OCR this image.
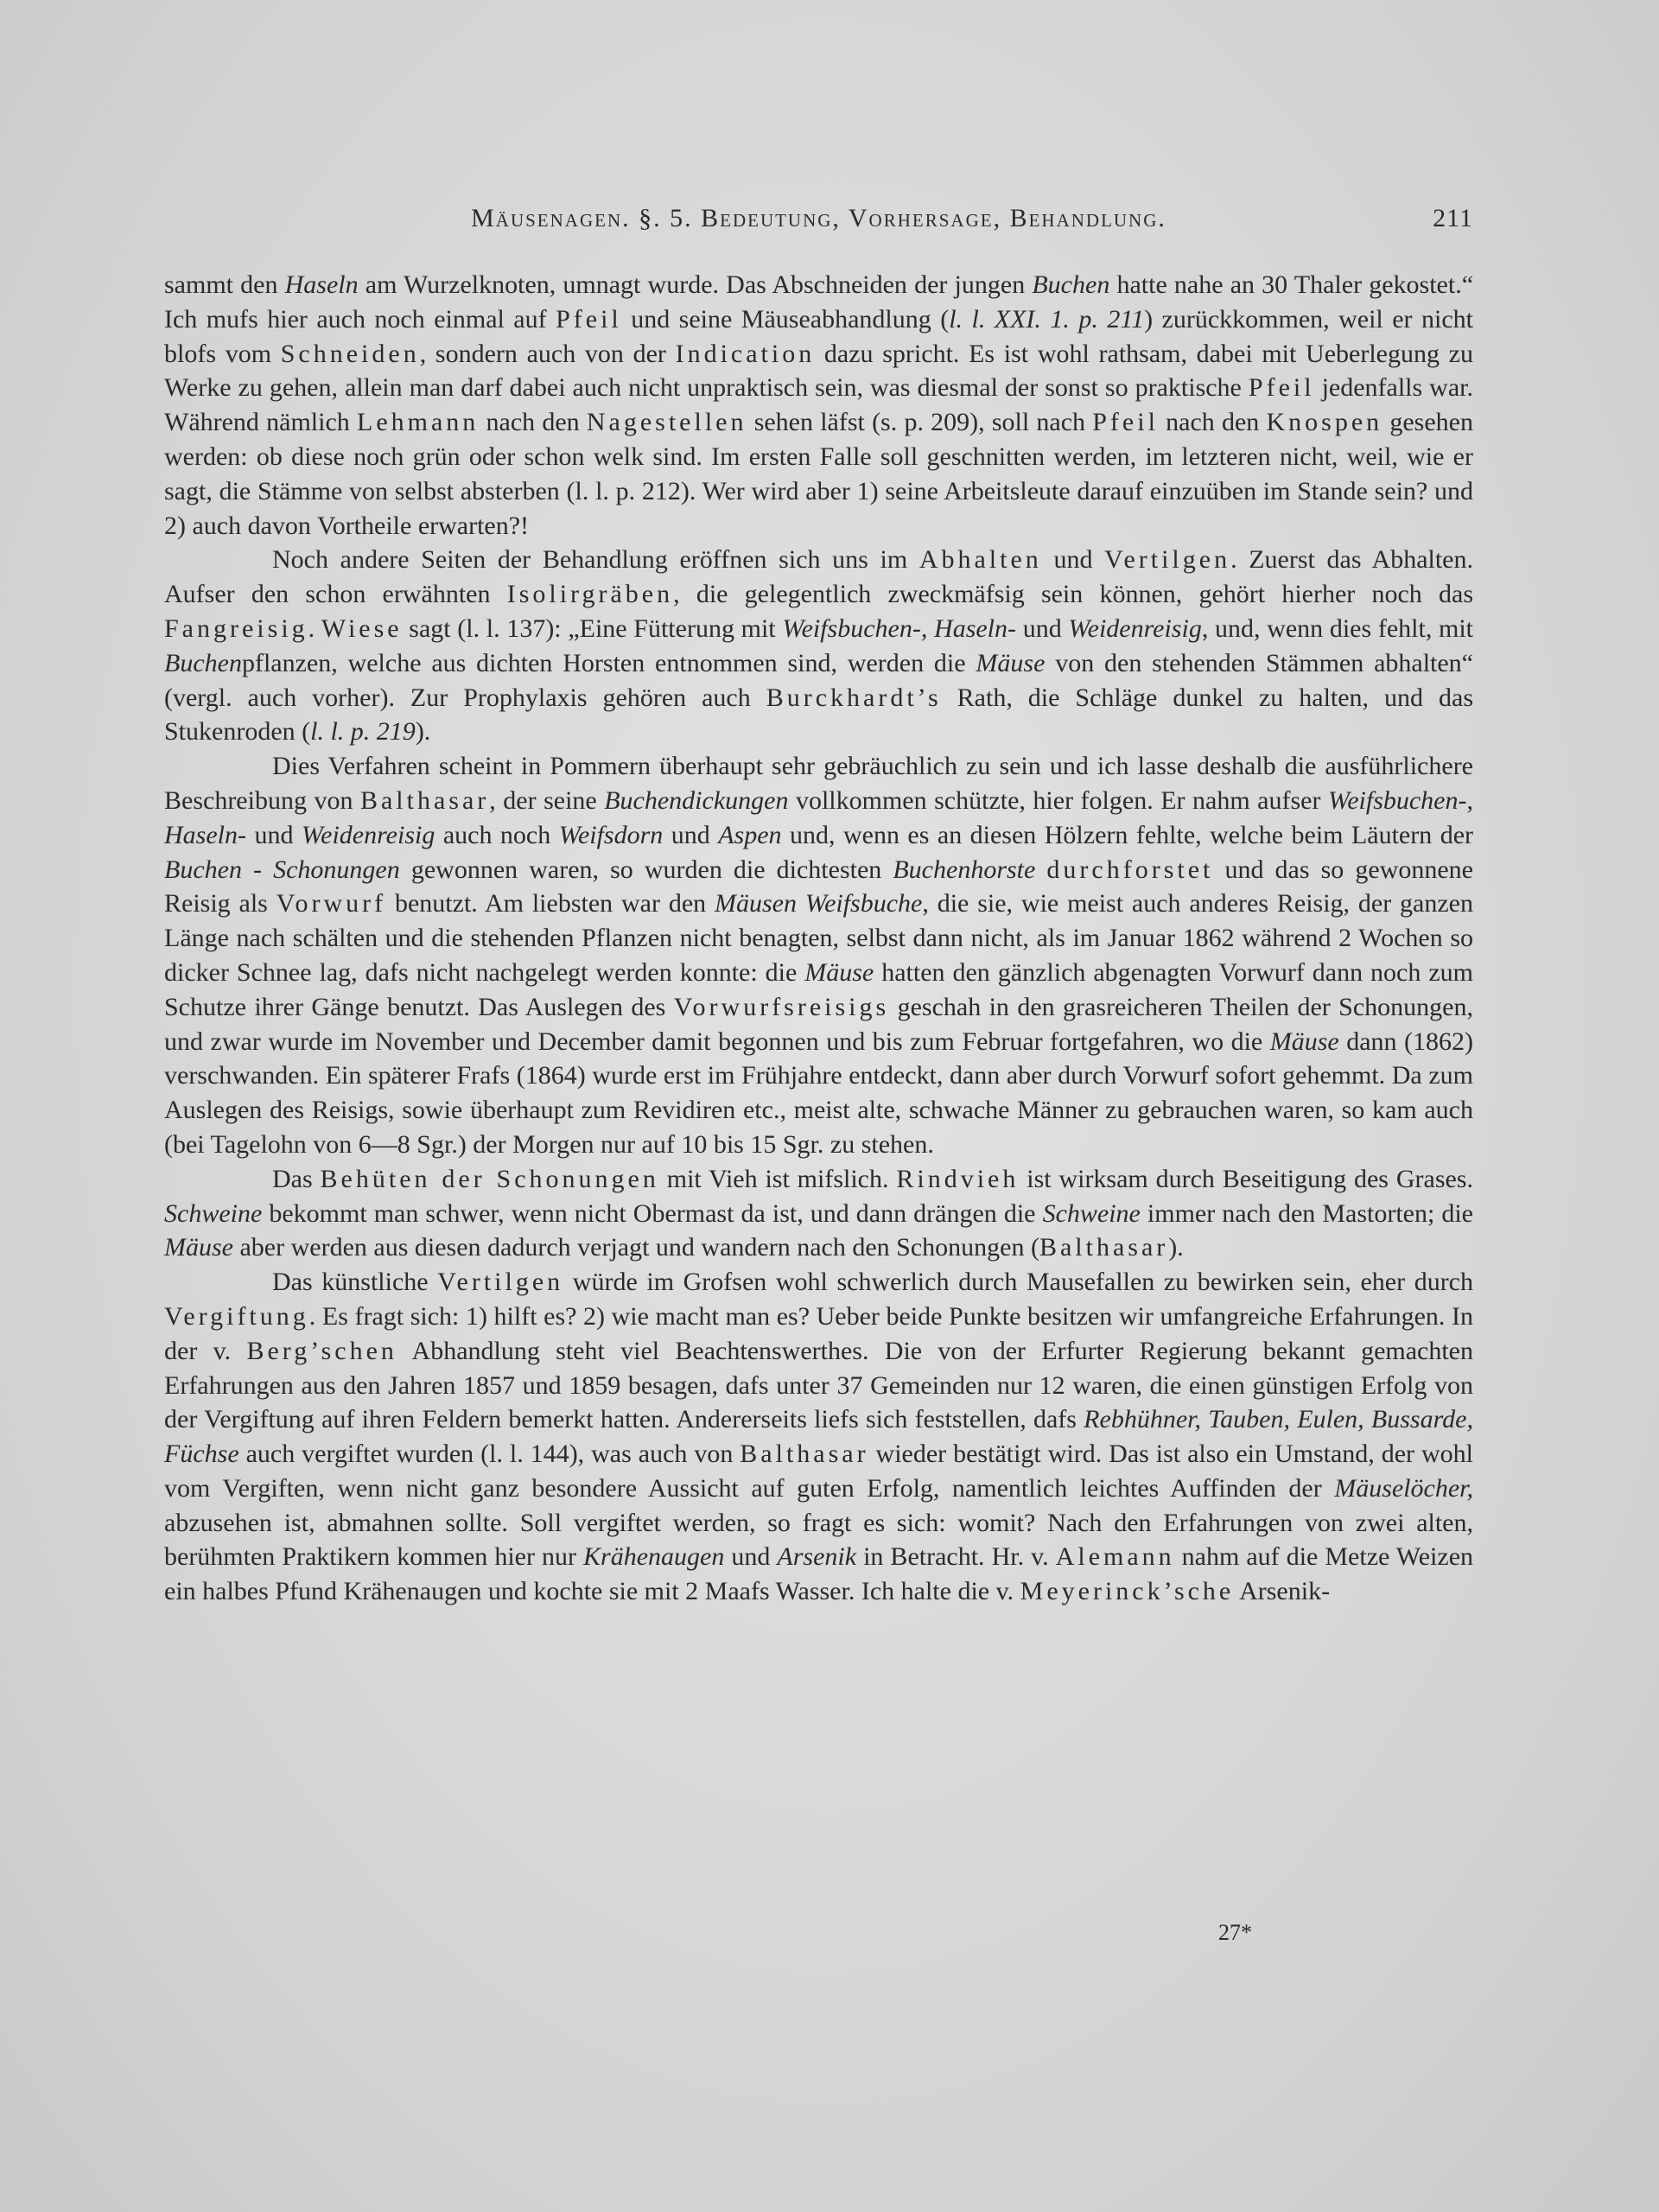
Mäusenagen. §. 5. Bedeutung, Vorhersage, Behandlung.	211

sammt den Haseln am Wurzelknoten, umnagt wurde. Das Abschneiden der jungen Buchen hatte nahe an 30 Thaler gekostet.“ Ich mufs hier auch noch einmal auf Pfeil und seine Mäuseabhandlung (l. l. XXI. 1. p. 211) zurückkommen, weil er nicht blofs vom Schneiden, sondern auch von der Indication dazu spricht. Es ist wohl rathsam, dabei mit Ueberlegung zu Werke zu gehen, allein man darf dabei auch nicht unpraktisch sein, was diesmal der sonst so praktische Pfeil jedenfalls war. Während nämlich Lehmann nach den Nagestellen sehen läfst (s. p. 209), soll nach Pfeil nach den Knospen gesehen werden: ob diese noch grün oder schon welk sind. Im ersten Falle soll geschnitten werden, im letzteren nicht, weil, wie er sagt, die Stämme von selbst absterben (l. l. p. 212). Wer wird aber 1) seine Arbeitsleute darauf einzuüben im Stande sein? und 2) auch davon Vortheile erwarten?!

Noch andere Seiten der Behandlung eröffnen sich uns im Abhalten und Vertilgen. Zuerst das Abhalten. Aufser den schon erwähnten Isolirgräben, die gelegentlich zweckmäfsig sein können, gehört hierher noch das Fangreisig. Wiese sagt (l. l. 137): „Eine Fütterung mit Weifsbuchen-, Haseln- und Weidenreisig, und, wenn dies fehlt, mit Buchenpflanzen, welche aus dichten Horsten entnommen sind, werden die Mäuse von den stehenden Stämmen abhalten“ (vergl. auch vorher). Zur Prophylaxis gehören auch Burckhardt’s Rath, die Schläge dunkel zu halten, und das Stukenroden (l. l. p. 219).

Dies Verfahren scheint in Pommern überhaupt sehr gebräuchlich zu sein und ich lasse deshalb die ausführlichere Beschreibung von Balthasar, der seine Buchendickungen vollkommen schützte, hier folgen. Er nahm aufser Weifsbuchen-, Haseln- und Weidenreisig auch noch Weifsdorn und Aspen und, wenn es an diesen Hölzern fehlte, welche beim Läutern der Buchen - Schonungen gewonnen waren, so wurden die dichtesten Buchenhorste durchforstet und das so gewonnene Reisig als Vorwurf benutzt. Am liebsten war den Mäusen Weifsbuche, die sie, wie meist auch anderes Reisig, der ganzen Länge nach schälten und die stehenden Pflanzen nicht benagten, selbst dann nicht, als im Januar 1862 während 2 Wochen so dicker Schnee lag, dafs nicht nachgelegt werden konnte: die Mäuse hatten den gänzlich abgenagten Vorwurf dann noch zum Schutze ihrer Gänge benutzt. Das Auslegen des Vorwurfsreisigs geschah in den grasreicheren Theilen der Schonungen, und zwar wurde im November und December damit begonnen und bis zum Februar fortgefahren, wo die Mäuse dann (1862) verschwanden. Ein späterer Frafs (1864) wurde erst im Frühjahre entdeckt, dann aber durch Vorwurf sofort gehemmt. Da zum Auslegen des Reisigs, sowie überhaupt zum Revidiren etc., meist alte, schwache Männer zu gebrauchen waren, so kam auch (bei Tagelohn von 6—8 Sgr.) der Morgen nur auf 10 bis 15 Sgr. zu stehen.

Das Behüten der Schonungen mit Vieh ist mifslich. Rindvieh ist wirksam durch Beseitigung des Grases. Schweine bekommt man schwer, wenn nicht Obermast da ist, und dann drängen die Schweine immer nach den Mastorten; die Mäuse aber werden aus diesen dadurch verjagt und wandern nach den Schonungen (Balthasar).

Das künstliche Vertilgen würde im Grofsen wohl schwerlich durch Mausefallen zu bewirken sein, eher durch Vergiftung. Es fragt sich: 1) hilft es? 2) wie macht man es? Ueber beide Punkte besitzen wir umfangreiche Erfahrungen. In der v. Berg’schen Abhandlung steht viel Beachtenswerthes. Die von der Erfurter Regierung bekannt gemachten Erfahrungen aus den Jahren 1857 und 1859 besagen, dafs unter 37 Gemeinden nur 12 waren, die einen günstigen Erfolg von der Vergiftung auf ihren Feldern bemerkt hatten. Andererseits liefs sich feststellen, dafs Rebhühner, Tauben, Eulen, Bussarde, Füchse auch vergiftet wurden (l. l. 144), was auch von Balthasar wieder bestätigt wird. Das ist also ein Umstand, der wohl vom Vergiften, wenn nicht ganz besondere Aussicht auf guten Erfolg, namentlich leichtes Auffinden der Mäuselöcher, abzusehen ist, abmahnen sollte. Soll vergiftet werden, so fragt es sich: womit? Nach den Erfahrungen von zwei alten, berühmten Praktikern kommen hier nur Krähenaugen und Arsenik in Betracht. Hr. v. Alemann nahm auf die Metze Weizen ein halbes Pfund Krähenaugen und kochte sie mit 2 Maafs Wasser. Ich halte die v. Meyerinck’sche Arsenik-

27*
